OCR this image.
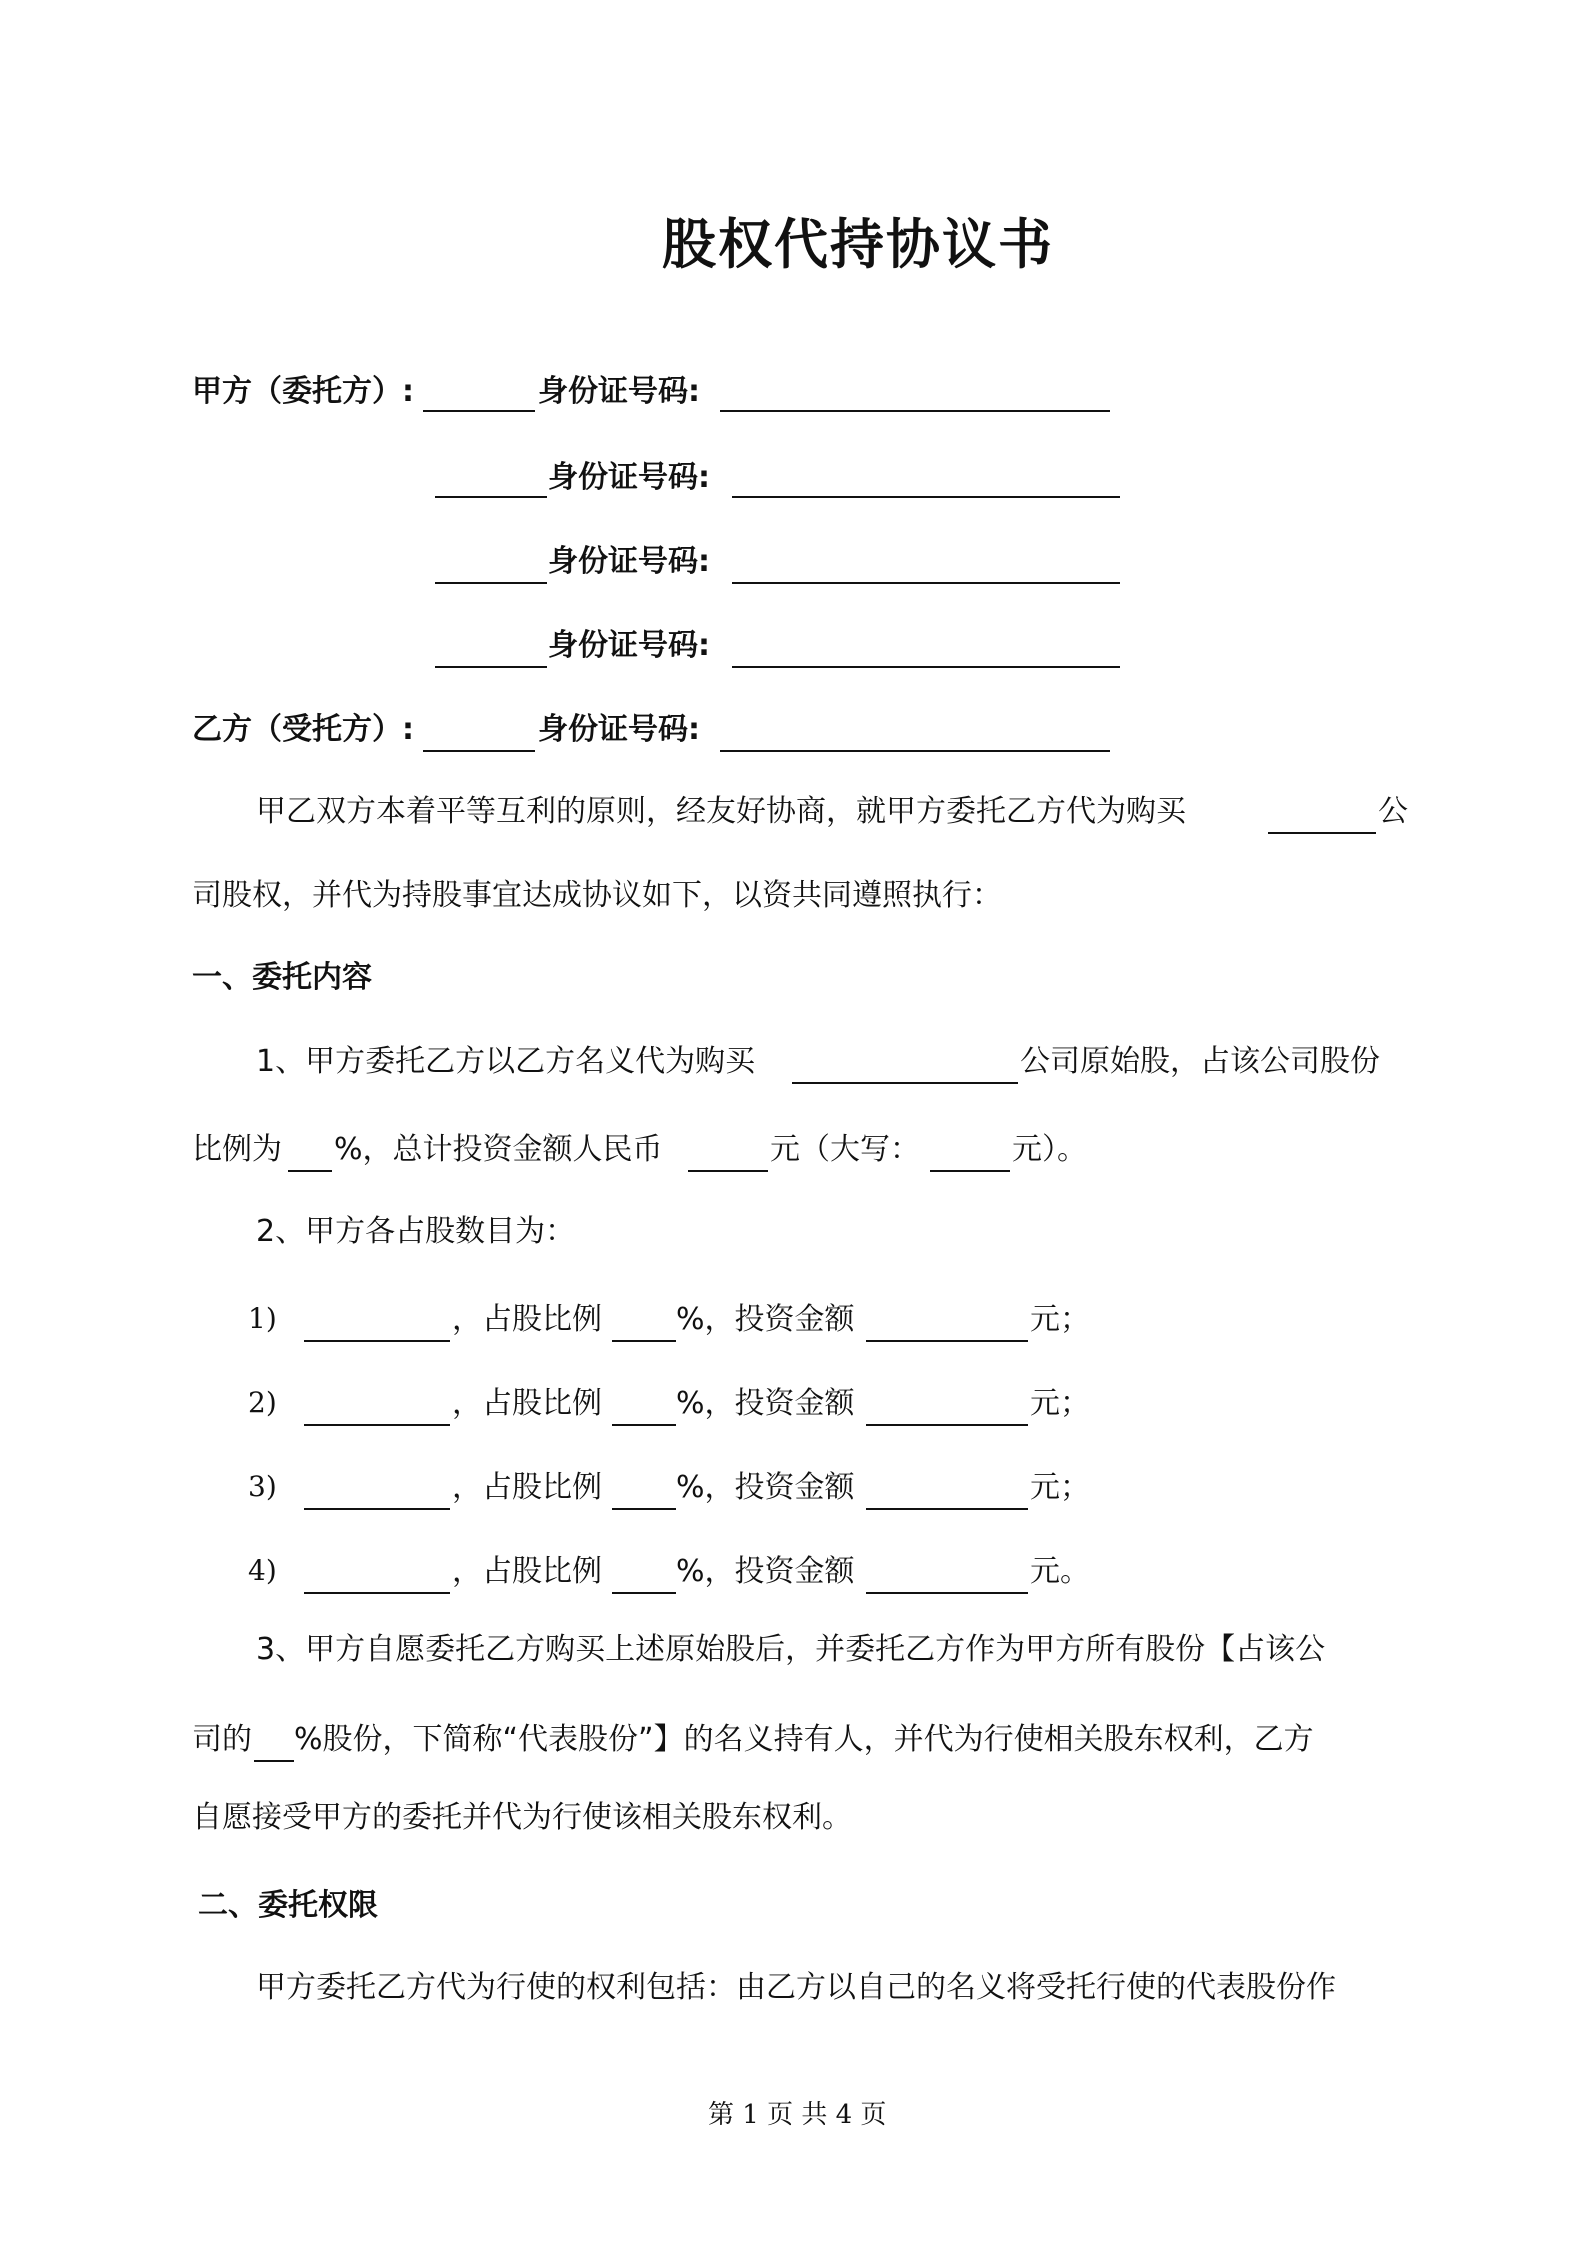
股权代持协议书
甲方（委托方）:	身份证号码:
身份证号码:
身份证号码:
身份证号码:
乙方（受托方）:	身份证号码:
甲乙双方本着平等互利的原则，经友好协商，就甲方委托乙方代为购买	公
司股权，并代为持股事宜达成协议如下，以资共同遵照执行：
一、委托内容
1、甲方委托乙方以乙方名义代为购买	公司原始股，占该公司股份
比例为 %，总计投资金额人民币	元（大写：	元）。
2、甲方各占股数目为：
1)	，占股比例 %，投资金额	元；
2)	，占股比例 %，投资金额	元；
3)	，占股比例 %，投资金额	元；
4)	，占股比例 %，投资金额	元。
3、甲方自愿委托乙方购买上述原始股后，并委托乙方作为甲方所有股份【占该公
司的 %股份，下简称“代表股份”】的名义持有人，并代为行使相关股东权利，乙方
自愿接受甲方的委托并代为行使该相关股东权利。
二、委托权限
甲方委托乙方代为行使的权利包括：由乙方以自己的名义将受托行使的代表股份作
第 1 页 共 4 页
